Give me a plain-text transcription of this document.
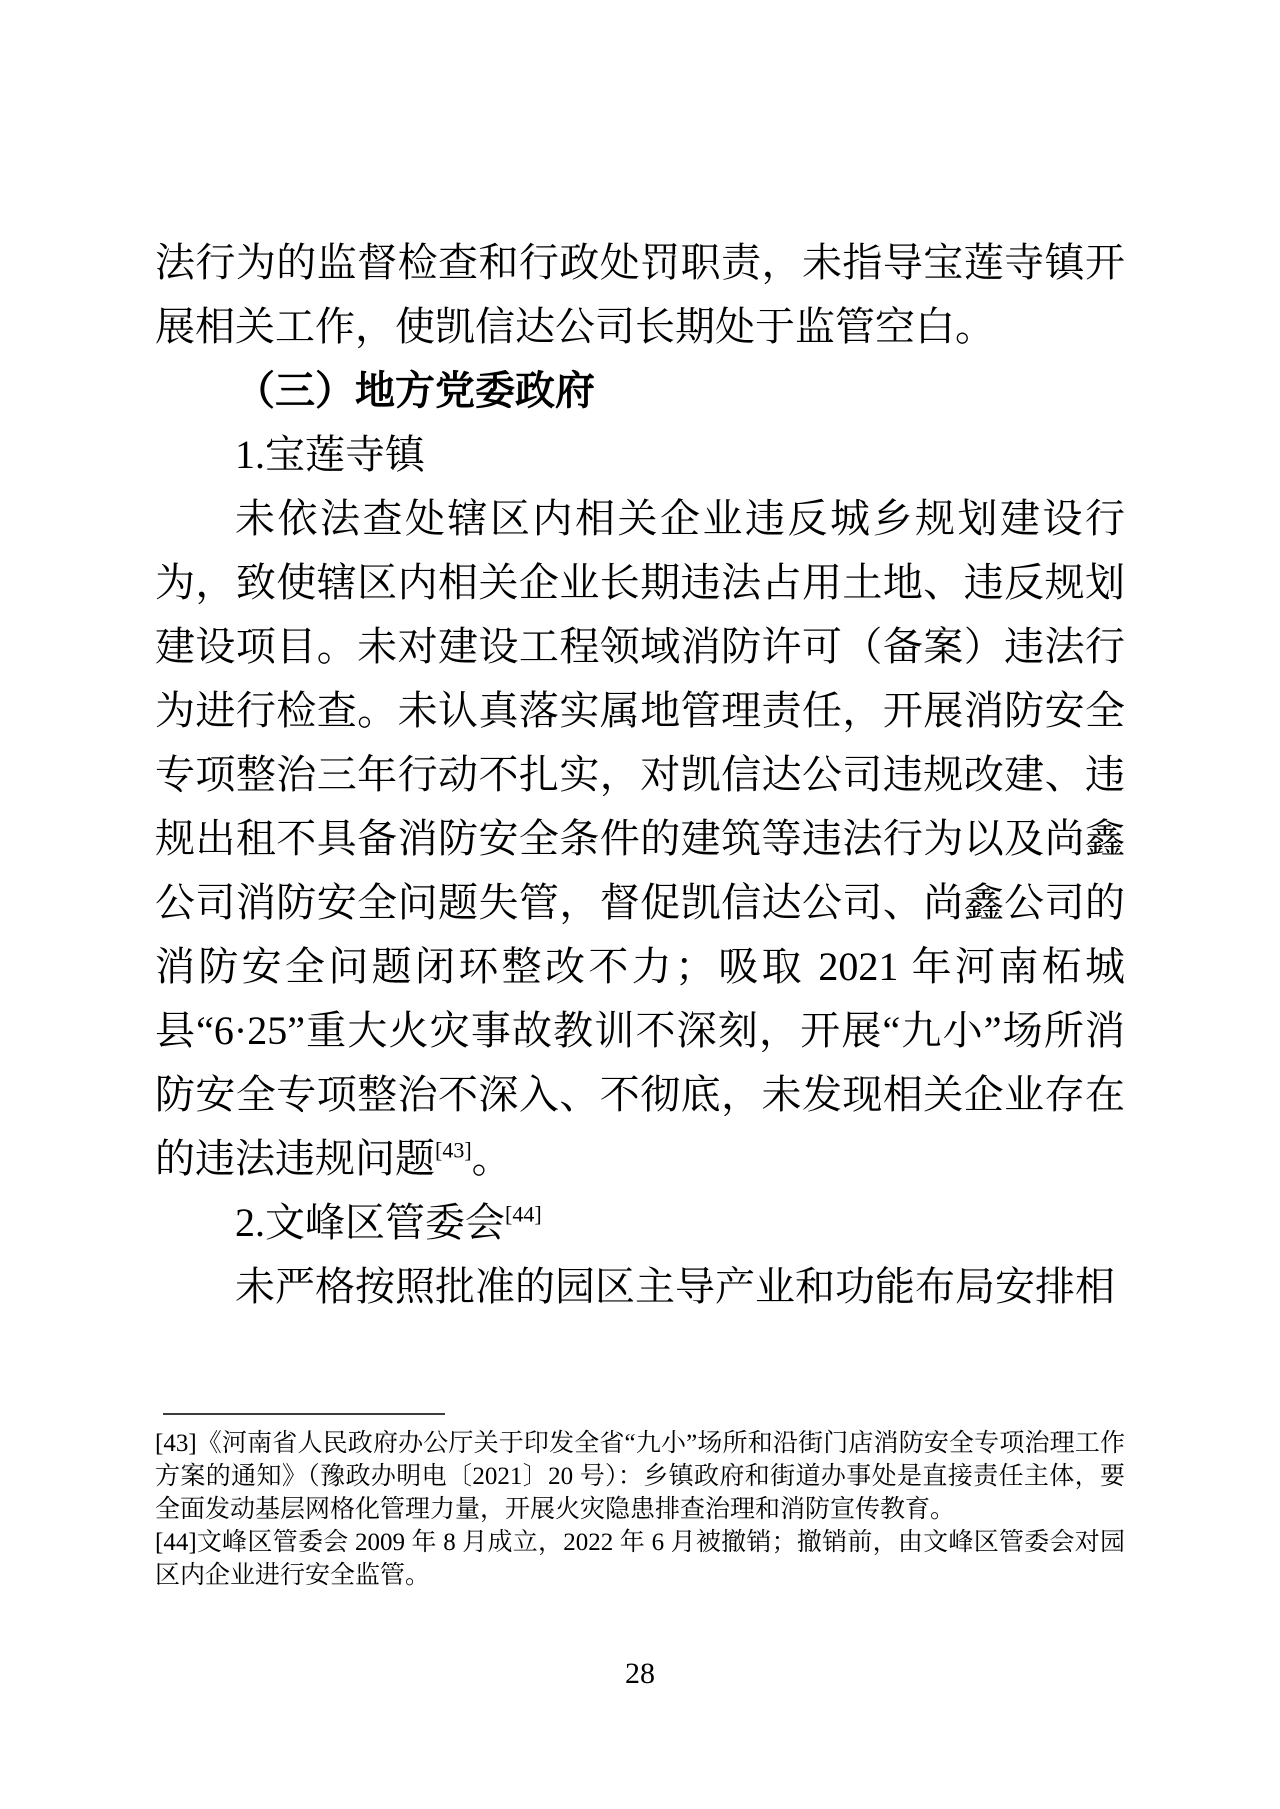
法行为的监督检查和行政处罚职责，未指导宝莲寺镇开展相关工作，使凯信达公司长期处于监管空白。

（三）地方党委政府

1.宝莲寺镇

未依法查处辖区内相关企业违反城乡规划建设行为，致使辖区内相关企业长期违法占用土地、违反规划建设项目。未对建设工程领域消防许可（备案）违法行为进行检查。未认真落实属地管理责任，开展消防安全专项整治三年行动不扎实，对凯信达公司违规改建、违规出租不具备消防安全条件的建筑等违法行为以及尚鑫公司消防安全问题失管，督促凯信达公司、尚鑫公司的消防安全问题闭环整改不力；吸取 2021 年河南柘城县“6·25”重大火灾事故教训不深刻，开展“九小”场所消防安全专项整治不深入、不彻底，未发现相关企业存在的违法违规问题[43]。

2.文峰区管委会[44]

未严格按照批准的园区主导产业和功能布局安排相

[43]《河南省人民政府办公厅关于印发全省“九小”场所和沿街门店消防安全专项治理工作方案的通知》（豫政办明电〔2021〕20 号）：乡镇政府和街道办事处是直接责任主体，要全面发动基层网格化管理力量，开展火灾隐患排查治理和消防宣传教育。

[44]文峰区管委会 2009 年 8 月成立，2022 年 6 月被撤销；撤销前，由文峰区管委会对园区内企业进行安全监管。

28
